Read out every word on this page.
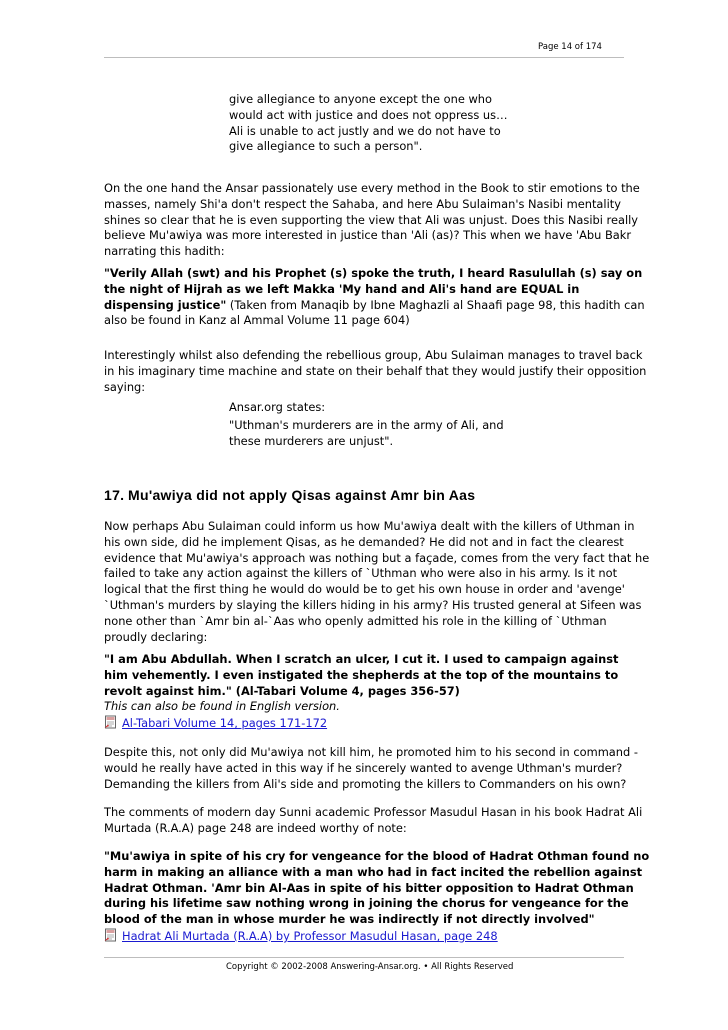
Page 14 of 174
give allegiance to anyone except the one who
would act with justice and does not oppress us…
Ali is unable to act justly and we do not have to
give allegiance to such a person".
On the one hand the Ansar passionately use every method in the Book to stir emotions to the
masses, namely Shi'a don't respect the Sahaba, and here Abu Sulaiman's Nasibi mentality
shines so clear that he is even supporting the view that Ali was unjust. Does this Nasibi really
believe Mu'awiya was more interested in justice than 'Ali (as)? This when we have 'Abu Bakr
narrating this hadith:
"Verily Allah (swt) and his Prophet (s) spoke the truth, I heard Rasulullah (s) say on
the night of Hijrah as we left Makka 'My hand and Ali's hand are EQUAL in
dispensing justice" (Taken from Manaqib by Ibne Maghazli al Shaafi page 98, this hadith can
also be found in Kanz al Ammal Volume 11 page 604)
Interestingly whilst also defending the rebellious group, Abu Sulaiman manages to travel back
in his imaginary time machine and state on their behalf that they would justify their opposition
saying:
Ansar.org states:
"Uthman's murderers are in the army of Ali, and
these murderers are unjust".
17. Mu'awiya did not apply Qisas against Amr bin Aas
Now perhaps Abu Sulaiman could inform us how Mu'awiya dealt with the killers of Uthman in
his own side, did he implement Qisas, as he demanded? He did not and in fact the clearest
evidence that Mu'awiya's approach was nothing but a façade, comes from the very fact that he
failed to take any action against the killers of `Uthman who were also in his army. Is it not
logical that the first thing he would do would be to get his own house in order and 'avenge'
`Uthman's murders by slaying the killers hiding in his army? His trusted general at Sifeen was
none other than `Amr bin al-`Aas who openly admitted his role in the killing of `Uthman
proudly declaring:
"I am Abu Abdullah. When I scratch an ulcer, I cut it. I used to campaign against
him vehemently. I even instigated the shepherds at the top of the mountains to
revolt against him." (Al-Tabari Volume 4, pages 356-57)
This can also be found in English version.
Al-Tabari Volume 14, pages 171-172
Despite this, not only did Mu'awiya not kill him, he promoted him to his second in command -
would he really have acted in this way if he sincerely wanted to avenge Uthman's murder?
Demanding the killers from Ali's side and promoting the killers to Commanders on his own?
The comments of modern day Sunni academic Professor Masudul Hasan in his book Hadrat Ali
Murtada (R.A.A) page 248 are indeed worthy of note:
"Mu'awiya in spite of his cry for vengeance for the blood of Hadrat Othman found no
harm in making an alliance with a man who had in fact incited the rebellion against
Hadrat Othman. 'Amr bin Al-Aas in spite of his bitter opposition to Hadrat Othman
during his lifetime saw nothing wrong in joining the chorus for vengeance for the
blood of the man in whose murder he was indirectly if not directly involved"
Hadrat Ali Murtada (R.A.A) by Professor Masudul Hasan, page 248
Copyright © 2002-2008 Answering-Ansar.org. • All Rights Reserved
